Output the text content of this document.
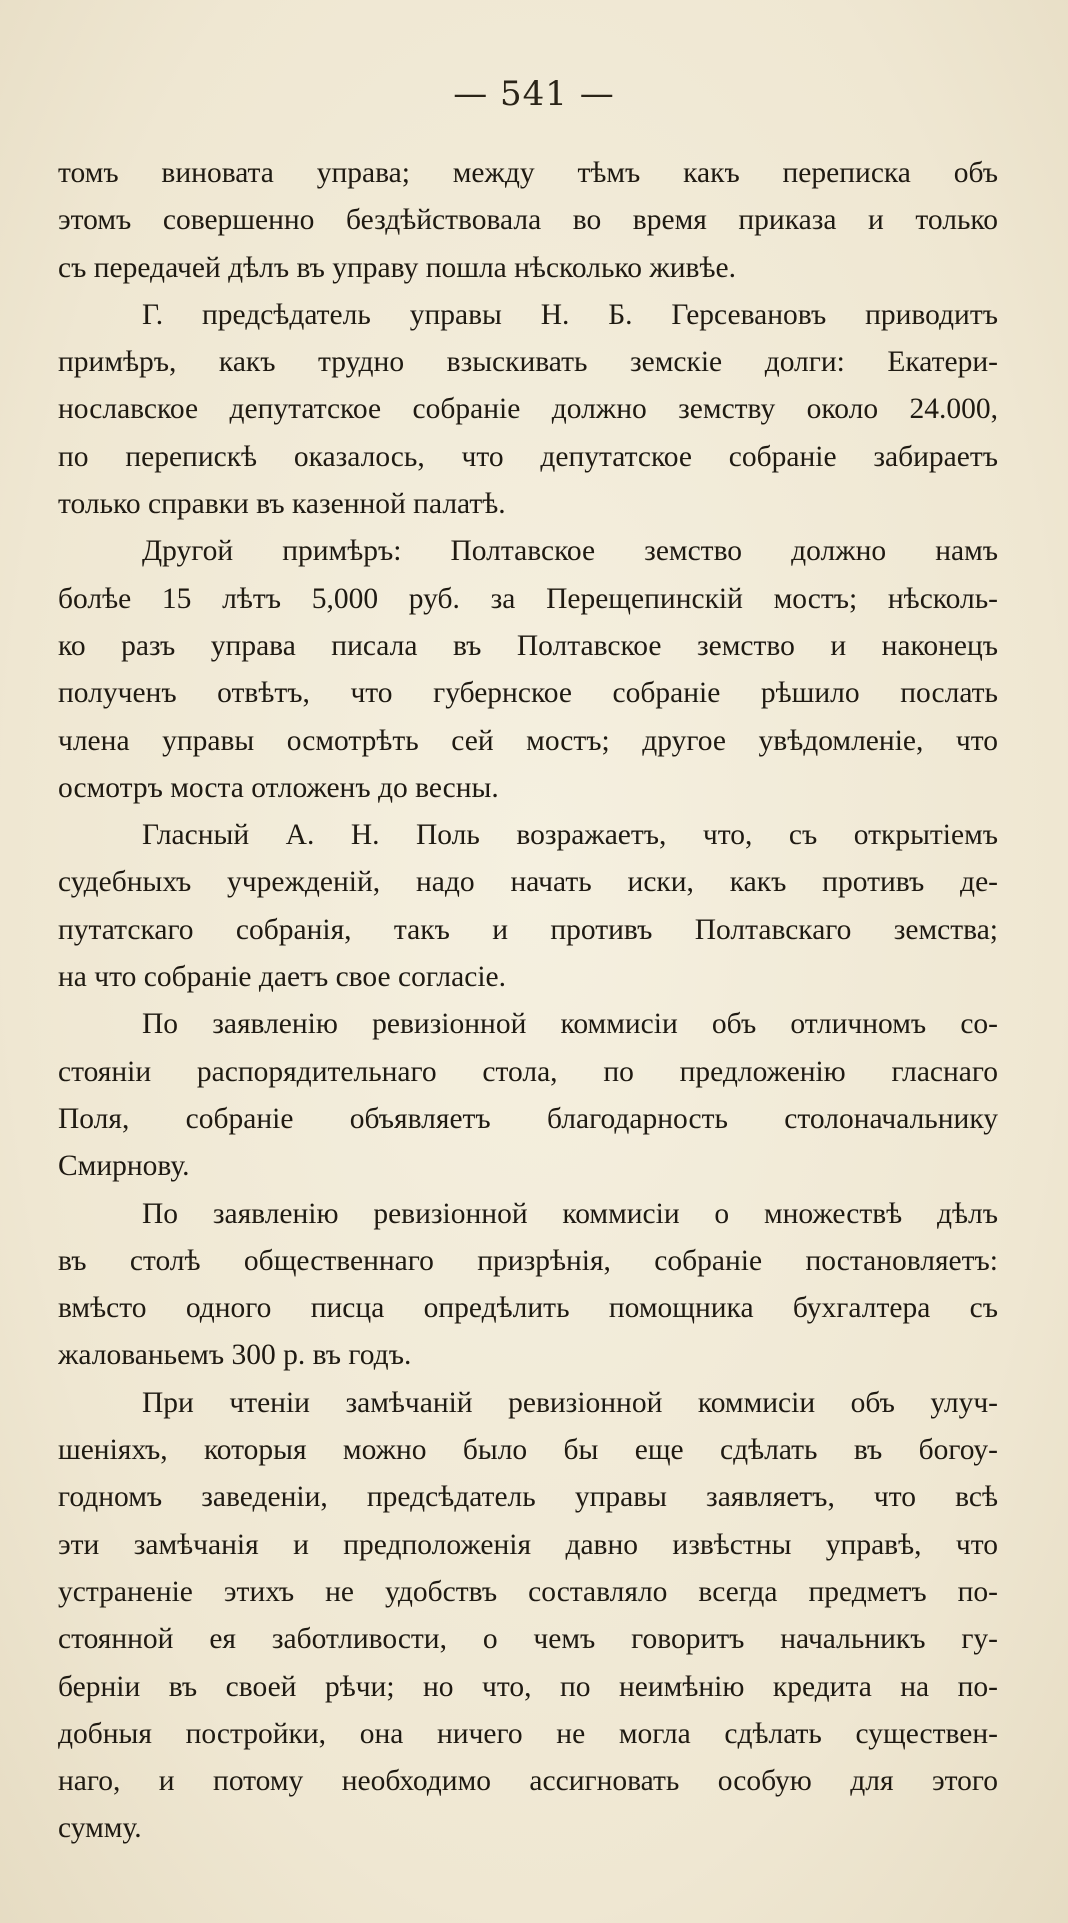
— 541 —
томъ виновата управа; между тѣмъ какъ переписка объ
этомъ совершенно бездѣйствовала во время приказа и только
съ передачей дѣлъ въ управу пошла нѣсколько живѣе.
Г. предсѣдатель управы Н. Б. Герсевановъ приводитъ
примѣръ, какъ трудно взыскивать земскіе долги: Екатери-
нославское депутатское собраніе должно земству около 24.000,
по перепискѣ оказалось, что депутатское собраніе забираетъ
только справки въ казенной палатѣ.
Другой примѣръ: Полтавское земство должно намъ
болѣе 15 лѣтъ 5,000 руб. за Перещепинскій мостъ; нѣсколь-
ко разъ управа писала въ Полтавское земство и наконецъ
полученъ отвѣтъ, что губернское собраніе рѣшило послать
члена управы осмотрѣть сей мостъ; другое увѣдомленіе, что
осмотръ моста отложенъ до весны.
Гласный А. Н. Поль возражаетъ, что, съ открытіемъ
судебныхъ учрежденій, надо начать иски, какъ противъ де-
путатскаго собранія, такъ и противъ Полтавскаго земства;
на что собраніе даетъ свое согласіе.
По заявленію ревизіонной коммисіи объ отличномъ со-
стояніи распорядительнаго стола, по предложенію гласнаго
Поля, собраніе объявляетъ благодарность столоначальнику
Смирнову.
По заявленію ревизіонной коммисіи о множествѣ дѣлъ
въ столѣ общественнаго призрѣнія, собраніе постановляетъ:
вмѣсто одного писца опредѣлить помощника бухгалтера съ
жалованьемъ 300 р. въ годъ.
При чтеніи замѣчаній ревизіонной коммисіи объ улуч-
шеніяхъ, которыя можно было бы еще сдѣлать въ богоу-
годномъ заведеніи, предсѣдатель управы заявляетъ, что всѣ
эти замѣчанія и предположенія давно извѣстны управѣ, что
устраненіе этихъ не удобствъ составляло всегда предметъ по-
стоянной ея заботливости, о чемъ говоритъ начальникъ гу-
берніи въ своей рѣчи; но что, по неимѣнію кредита на по-
добныя постройки, она ничего не могла сдѣлать существен-
наго, и потому необходимо ассигновать особую для этого
сумму.
